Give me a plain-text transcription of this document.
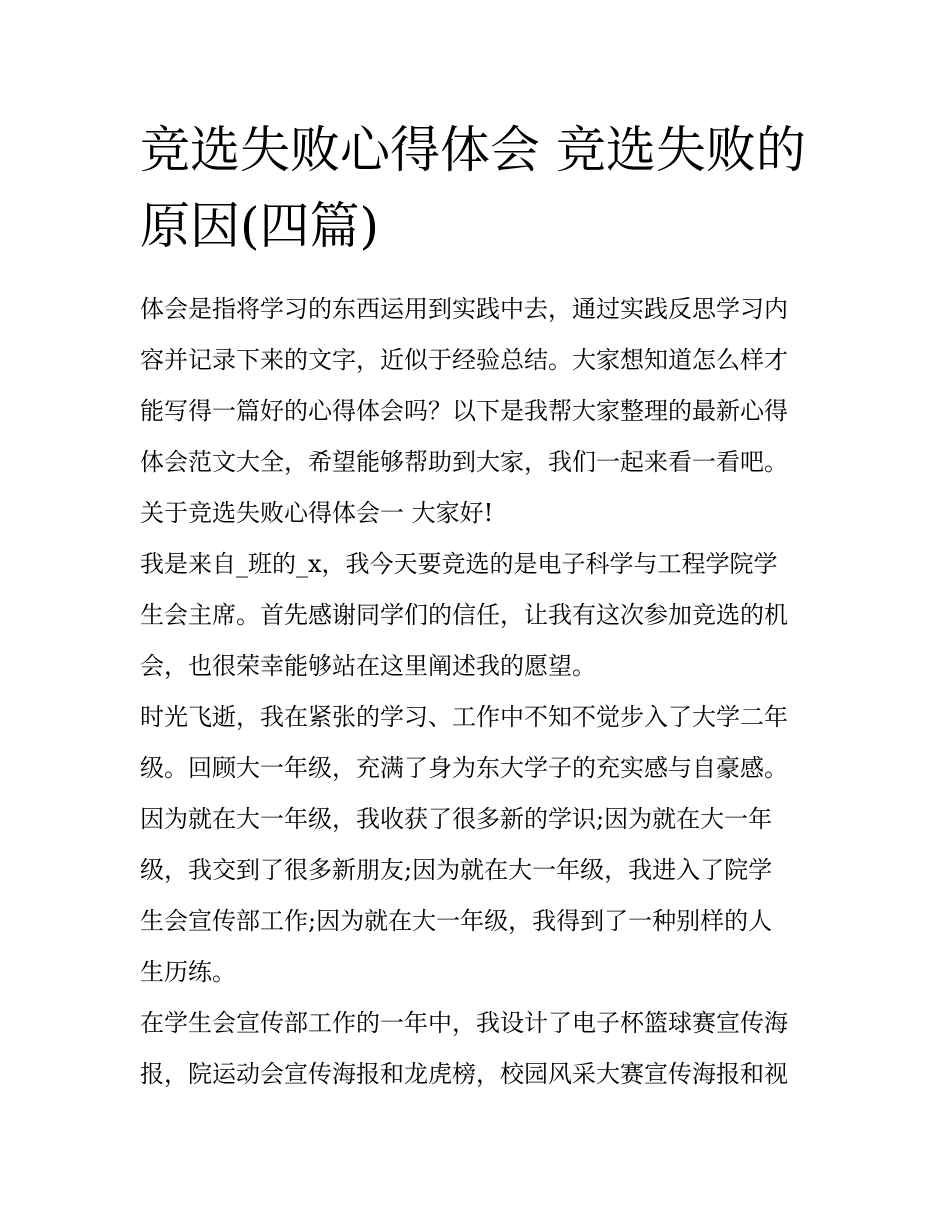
竞选失败心得体会 竞选失败的
原因(四篇)
体会是指将学习的东西运用到实践中去，通过实践反思学习内
容并记录下来的文字，近似于经验总结。大家想知道怎么样才
能写得一篇好的心得体会吗？以下是我帮大家整理的最新心得
体会范文大全，希望能够帮助到大家，我们一起来看一看吧。
关于竞选失败心得体会一 大家好!
我是来自_班的_x，我今天要竞选的是电子科学与工程学院学
生会主席。首先感谢同学们的信任，让我有这次参加竞选的机
会，也很荣幸能够站在这里阐述我的愿望。
时光飞逝，我在紧张的学习、工作中不知不觉步入了大学二年
级。回顾大一年级，充满了身为东大学子的充实感与自豪感。
因为就在大一年级，我收获了很多新的学识;因为就在大一年
级，我交到了很多新朋友;因为就在大一年级，我进入了院学
生会宣传部工作;因为就在大一年级，我得到了一种别样的人
生历练。
在学生会宣传部工作的一年中，我设计了电子杯篮球赛宣传海
报，院运动会宣传海报和龙虎榜，校园风采大赛宣传海报和视
